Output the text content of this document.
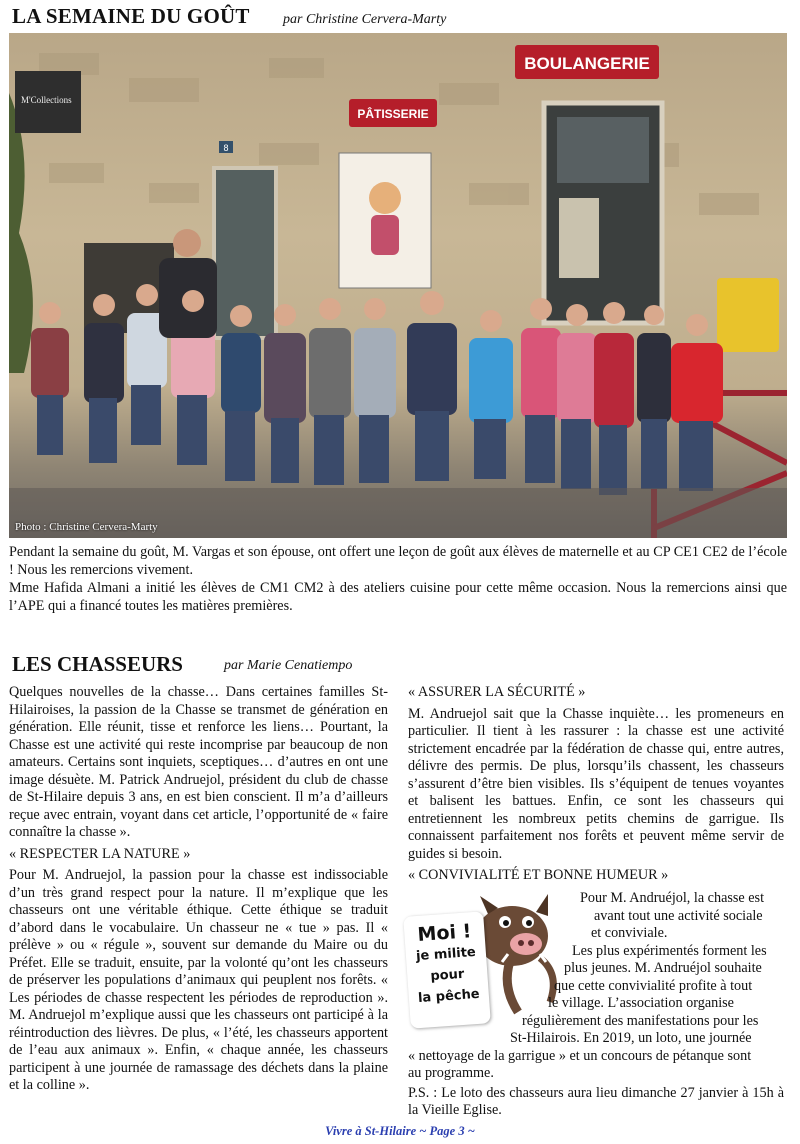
LA SEMAINE DU GOÛT par Christine Cervera-Marty
M'Collections
BOULANGERIE
PÂTISSERIE
8
Photo : Christine Cervera-Marty

Pendant la semaine du goût, M. Vargas et son épouse, ont offert une leçon de goût aux élèves de maternelle et au CP CE1 CE2 de l’école ! Nous les remercions vivement.

Mme Hafida Almani a initié les élèves de CM1 CM2 à des ateliers cuisine pour cette même occasion. Nous la remercions ainsi que l’APE qui a financé toutes les matières premières.

LES CHASSEURS	par Marie Cenatiempo

Quelques nouvelles de la chasse… Dans certaines familles St-Hilairoises, la passion de la Chasse se transmet de génération en génération. Elle réunit, tisse et renforce les liens… Pourtant, la Chasse est une activité qui reste incomprise par beaucoup de non amateurs. Certains sont inquiets, sceptiques… d’autres en ont une image désuète. M. Patrick Andruejol, président du club de chasse de St-Hilaire depuis 3 ans, en est bien conscient. Il m’a d’ailleurs reçue avec entrain, voyant dans cet article, l’opportunité de « faire connaître la chasse ».

« RESPECTER LA NATURE »

Pour M. Andruejol, la passion pour la chasse est indissociable d’un très grand respect pour la nature. Il m’explique que les chasseurs ont une véritable éthique. Cette éthique se traduit d’abord dans le vocabulaire. Un chasseur ne « tue » pas. Il « prélève » ou « régule », souvent sur demande du Maire ou du Préfet. Elle se traduit, ensuite, par la volonté qu’ont les chasseurs de préserver les populations d’animaux qui peuplent nos forêts. « Les périodes de chasse respectent les périodes de reproduction ». M. Andruejol m’explique aussi que les chasseurs ont participé à la réintroduction des lièvres. De plus, « l’été, les chasseurs apportent de l’eau aux animaux ». Enfin, « chaque année, les chasseurs participent à une journée de ramassage des déchets dans la plaine et la colline ».

« ASSURER LA SÉCURITÉ »

M. Andruejol sait que la Chasse inquiète… les promeneurs en particulier. Il tient à les rassurer : la chasse est une activité strictement encadrée par la fédération de chasse qui, entre autres, délivre des permis. De plus, lorsqu’ils chassent, les chasseurs s’assurent d’être bien visibles. Ils s’équipent de tenues voyantes et balisent les battues. Enfin, ce sont les chasseurs qui entretiennent les nombreux petits chemins de garrigue. Ils connaissent parfaitement nos forêts et peuvent même servir de guides si besoin.

« CONVIVIALITÉ ET BONNE HUMEUR »

Moi !
je milite
pour
la pêche
Pour M. Andruéjol, la chasse est
avant tout une activité sociale
et conviviale.
Les plus expérimentés forment les
plus jeunes. M. Andruéjol souhaite
que cette convivialité profite à tout
le village. L’association organise
régulièrement des manifestations pour les
St-Hilairois. En 2019, un loto, une journée
« nettoyage de la garrigue » et un concours de pétanque sont
au programme.
P.S. : Le loto des chasseurs aura lieu dimanche 27 janvier à 15h à la Vieille Eglise.
Vivre à St-Hilaire ~ Page 3 ~
